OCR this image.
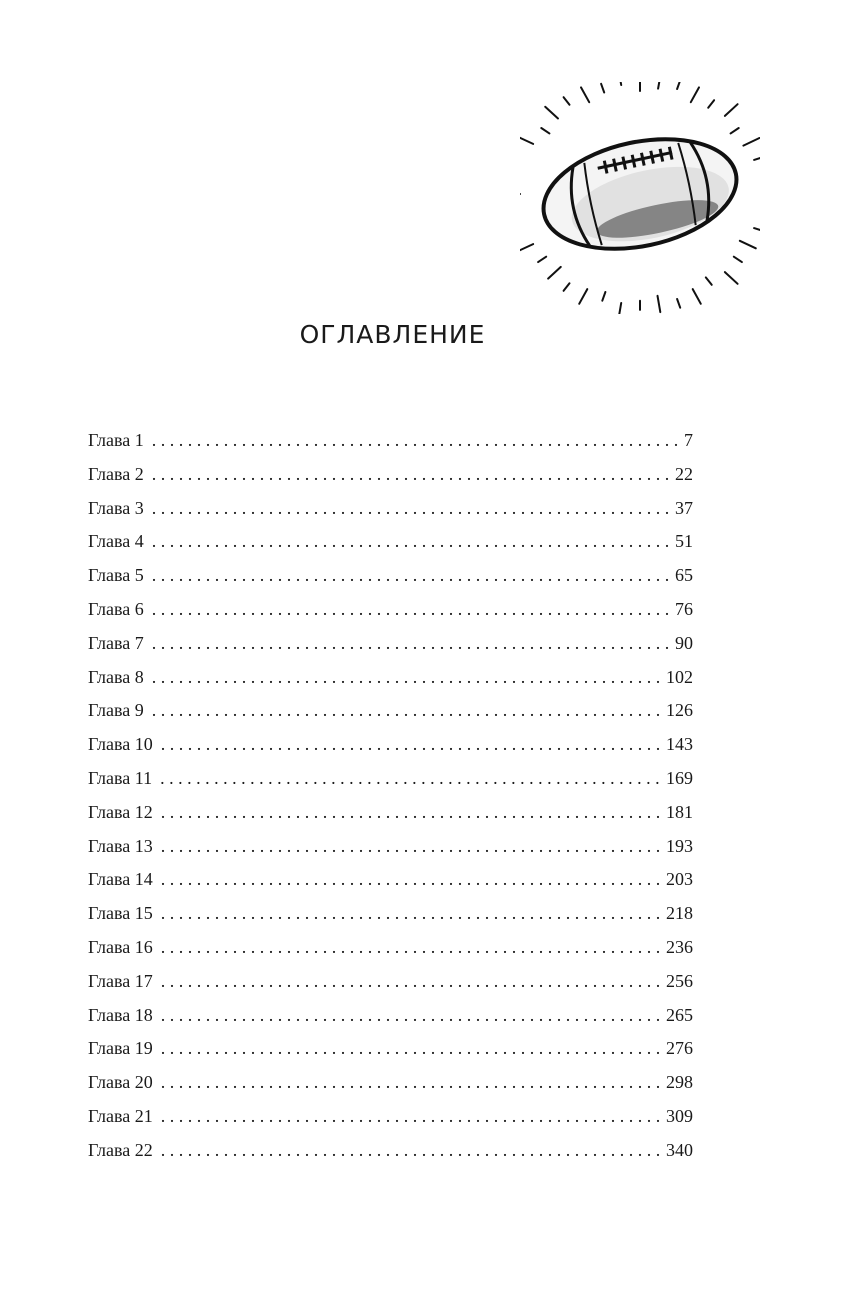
ОГЛАВЛЕНИЕ
Глава 1 . . .	7
Глава 2 . . .	22
Глава 3 . . .	37
Глава 4 . . .	51
Глава 5 . . .	65
Глава 6 . . .	76
Глава 7 . . .	90
Глава 8 . . .	102
Глава 9 . . .	126
Глава 10 . . .	143
Глава 11 . . .	169
Глава 12 . . .	181
Глава 13 . . .	193
Глава 14 . . .	203
Глава 15 . . .	218
Глава 16 . . .	236
Глава 17 . . .	256
Глава 18 . . .	265
Глава 19 . . .	276
Глава 20 . . .	298
Глава 21 . . .	309
Глава 22 . . .	340
